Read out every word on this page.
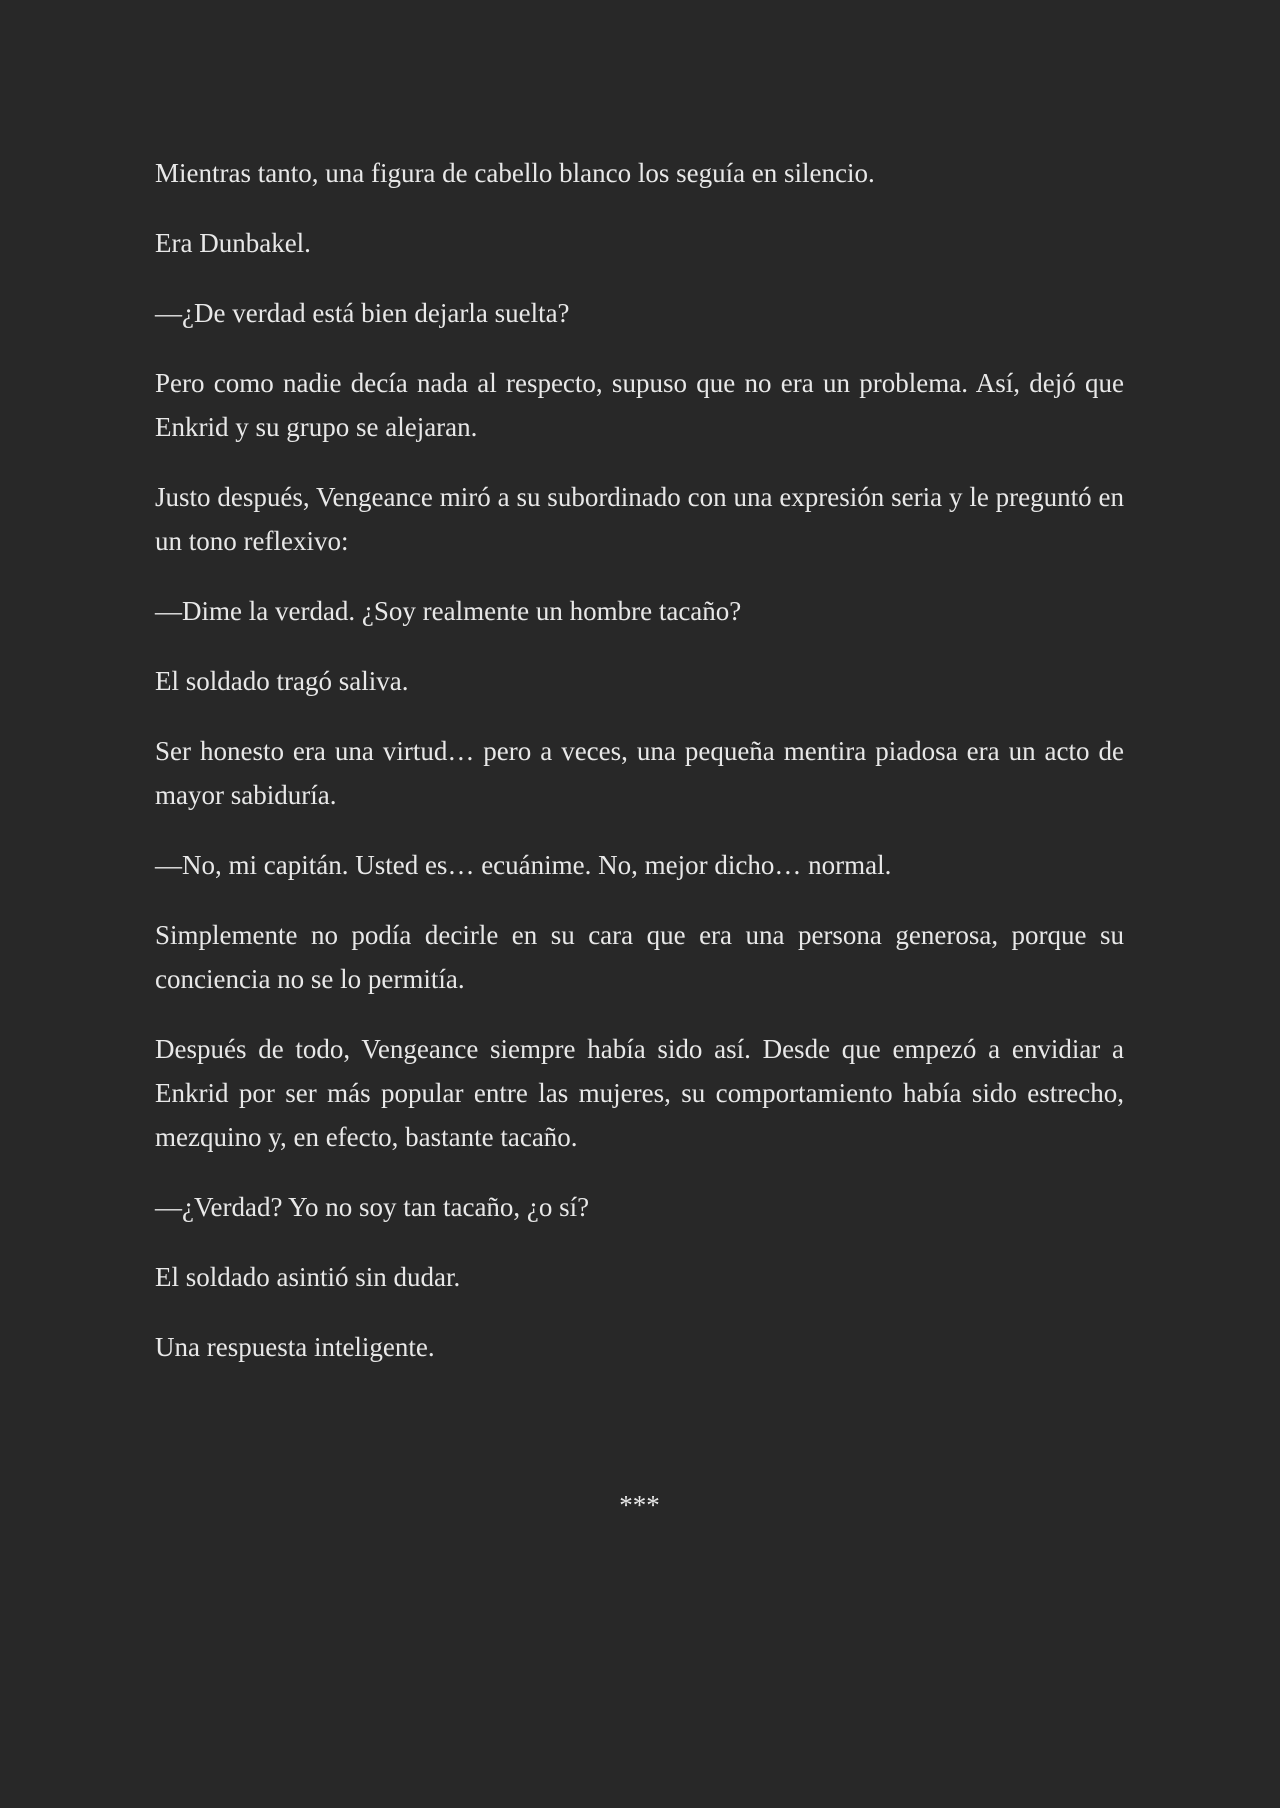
Mientras tanto, una figura de cabello blanco los seguía en silencio.

Era Dunbakel.

—¿De verdad está bien dejarla suelta?

Pero como nadie decía nada al respecto, supuso que no era un problema. Así, dejó que Enkrid y su grupo se alejaran.

Justo después, Vengeance miró a su subordinado con una expresión seria y le preguntó en un tono reflexivo:

—Dime la verdad. ¿Soy realmente un hombre tacaño?

El soldado tragó saliva.

Ser honesto era una virtud… pero a veces, una pequeña mentira piadosa era un acto de mayor sabiduría.

—No, mi capitán. Usted es… ecuánime. No, mejor dicho… normal.

Simplemente no podía decirle en su cara que era una persona generosa, porque su conciencia no se lo permitía.

Después de todo, Vengeance siempre había sido así. Desde que empezó a envidiar a Enkrid por ser más popular entre las mujeres, su comportamiento había sido estrecho, mezquino y, en efecto, bastante tacaño.

—¿Verdad? Yo no soy tan tacaño, ¿o sí?

El soldado asintió sin dudar.

Una respuesta inteligente.

***
